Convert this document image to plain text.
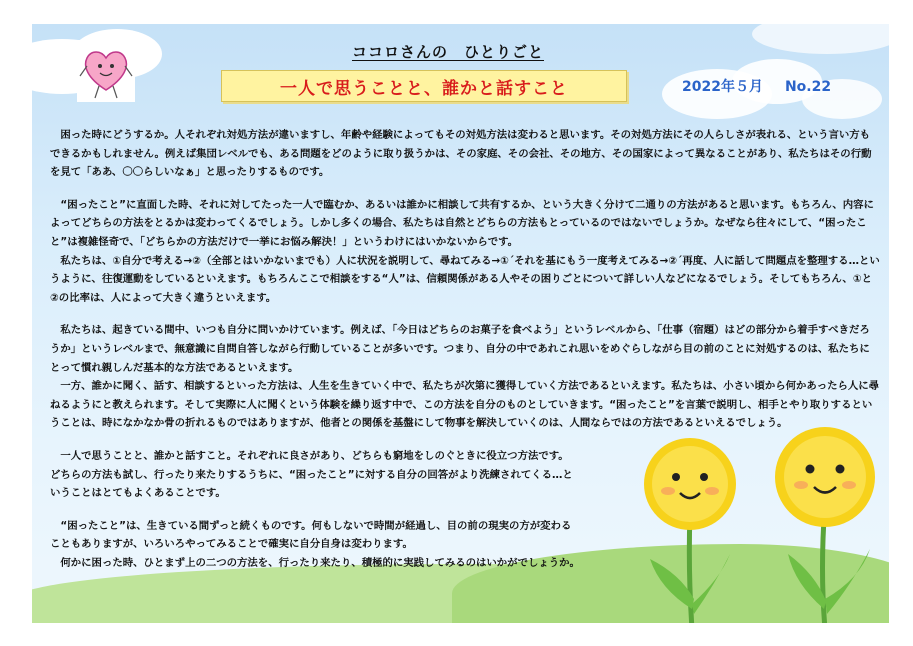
ココロさんの　ひとりごと
一人で思うことと、誰かと話すこと	2022年５月 No.22

　困った時にどうするか。人それぞれ対処方法が違いますし、年齢や経験によってもその対処方法は変わると思います。その対処方法にその人らしさが表れる、という言い方もできるかもしれません。例えば集団レベルでも、ある問題をどのように取り扱うかは、その家庭、その会社、その地方、その国家によって異なることがあり、私たちはその行動を見て「ああ、〇〇らしいなぁ」と思ったりするものです。

　“困ったこと”に直面した時、それに対してたった一人で臨むか、あるいは誰かに相談して共有するか、という大きく分けて二通りの方法があると思います。もちろん、内容によってどちらの方法をとるかは変わってくるでしょう。しかし多くの場合、私たちは自然とどちらの方法もとっているのではないでしょうか。なぜなら往々にして、“困ったこと”は複雑怪奇で、「どちらかの方法だけで一挙にお悩み解決！」というわけにはいかないからです。

　私たちは、①自分で考える→②（全部とはいかないまでも）人に状況を説明して、尋ねてみる→①´それを基にもう一度考えてみる→②´再度、人に話して問題点を整理する…というように、往復運動をしているといえます。もちろんここで相談をする“人”は、信頼関係がある人やその困りごとについて詳しい人などになるでしょう。そしてもちろん、①と②の比率は、人によって大きく違うといえます。

　私たちは、起きている間中、いつも自分に問いかけています。例えば、「今日はどちらのお菓子を食べよう」というレベルから、「仕事（宿題）はどの部分から着手すべきだろうか」というレベルまで、無意識に自問自答しながら行動していることが多いです。つまり、自分の中であれこれ思いをめぐらしながら目の前のことに対処するのは、私たちにとって慣れ親しんだ基本的な方法であるといえます。

　一方、誰かに聞く、話す、相談するといった方法は、人生を生きていく中で、私たちが次第に獲得していく方法であるといえます。私たちは、小さい頃から何かあったら人に尋ねるようにと教えられます。そして実際に人に聞くという体験を繰り返す中で、この方法を自分のものとしていきます。“困ったこと”を言葉で説明し、相手とやり取りするということは、時になかなか骨の折れるものではありますが、他者との関係を基盤にして物事を解決していくのは、人間ならではの方法であるといえるでしょう。

　一人で思うことと、誰かと話すこと。それぞれに良さがあり、どちらも窮地をしのぐときに役立つ方法です。

どちらの方法も試し、行ったり来たりするうちに、“困ったこと”に対する自分の回答がより洗練されてくる…と

いうことはとてもよくあることです。

　“困ったこと”は、生きている間ずっと続くものです。何もしないで時間が経過し、目の前の現実の方が変わる

こともありますが、いろいろやってみることで確実に自分自身は変わります。

　何かに困った時、ひとまず上の二つの方法を、行ったり来たり、積極的に実践してみるのはいかがでしょうか。
